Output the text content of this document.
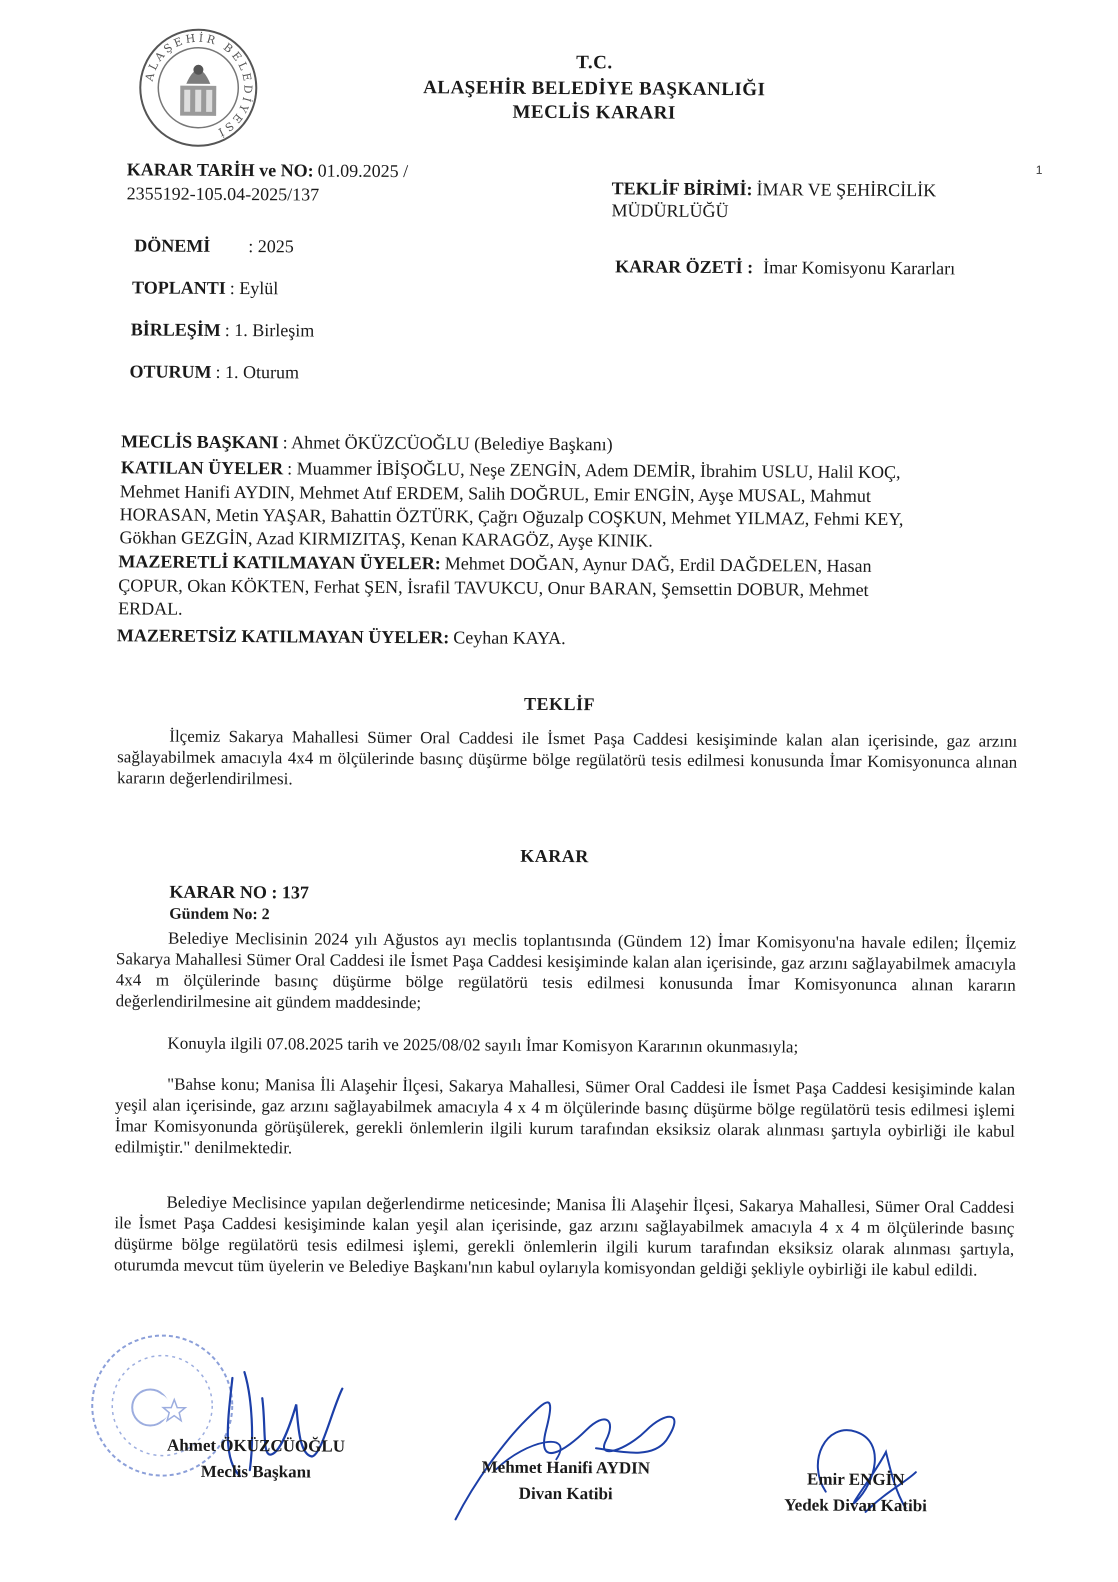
ALAŞEHİR BELEDİYESİ
T.C.
ALAŞEHİR BELEDİYE BAŞKANLIĞI
MECLİS KARARI
1
KARAR TARİH ve NO: 01.09.2025 /
2355192-105.04-2025/137
DÖNEMİ : 2025
TOPLANTI : Eylül
BİRLEŞİM : 1. Birleşim
OTURUM : 1. Oturum
TEKLİF BİRİMİ: İMAR VE ŞEHİRCİLİK
MÜDÜRLÜĞÜ
KARAR ÖZETİ : İmar Komisyonu Kararları
MECLİS BAŞKANI : Ahmet ÖKÜZCÜOĞLU (Belediye Başkanı)
KATILAN ÜYELER : Muammer İBİŞOĞLU, Neşe ZENGİN, Adem DEMİR, İbrahim USLU, Halil KOÇ,
Mehmet Hanifi AYDIN, Mehmet Atıf ERDEM, Salih DOĞRUL, Emir ENGİN, Ayşe MUSAL, Mahmut
HORASAN, Metin YAŞAR, Bahattin ÖZTÜRK, Çağrı Oğuzalp COŞKUN, Mehmet YILMAZ, Fehmi KEY,
Gökhan GEZGİN, Azad KIRMIZITAŞ, Kenan KARAGÖZ, Ayşe KINIK.
MAZERETLİ KATILMAYAN ÜYELER: Mehmet DOĞAN, Aynur DAĞ, Erdil DAĞDELEN, Hasan
ÇOPUR, Okan KÖKTEN, Ferhat ŞEN, İsrafil TAVUKCU, Onur BARAN, Şemsettin DOBUR, Mehmet
ERDAL.
MAZERETSİZ KATILMAYAN ÜYELER: Ceyhan KAYA.
TEKLİF
İlçemiz Sakarya Mahallesi Sümer Oral Caddesi ile İsmet Paşa Caddesi kesişiminde kalan alan içerisinde, gaz arzını sağlayabilmek amacıyla 4x4 m ölçülerinde basınç düşürme bölge regülatörü tesis edilmesi konusunda İmar Komisyonunca alınan kararın değerlendirilmesi.
KARAR
KARAR NO : 137
Gündem No: 2
Belediye Meclisinin 2024 yılı Ağustos ayı meclis toplantısında (Gündem 12) İmar Komisyonu'na havale edilen; İlçemiz Sakarya Mahallesi Sümer Oral Caddesi ile İsmet Paşa Caddesi kesişiminde kalan alan içerisinde, gaz arzını sağlayabilmek amacıyla 4x4 m ölçülerinde basınç düşürme bölge regülatörü tesis edilmesi konusunda İmar Komisyonunca alınan kararın değerlendirilmesine ait gündem maddesinde;
Konuyla ilgili 07.08.2025 tarih ve 2025/08/02 sayılı İmar Komisyon Kararının okunmasıyla;
"Bahse konu; Manisa İli Alaşehir İlçesi, Sakarya Mahallesi, Sümer Oral Caddesi ile İsmet Paşa Caddesi kesişiminde kalan yeşil alan içerisinde, gaz arzını sağlayabilmek amacıyla 4 x 4 m ölçülerinde basınç düşürme bölge regülatörü tesis edilmesi işlemi İmar Komisyonunda görüşülerek, gerekli önlemlerin ilgili kurum tarafından eksiksiz olarak alınması şartıyla oybirliği ile kabul edilmiştir." denilmektedir.
Belediye Meclisince yapılan değerlendirme neticesinde; Manisa İli Alaşehir İlçesi, Sakarya Mahallesi, Sümer Oral Caddesi ile İsmet Paşa Caddesi kesişiminde kalan yeşil alan içerisinde, gaz arzını sağlayabilmek amacıyla 4 x 4 m ölçülerinde basınç düşürme bölge regülatörü tesis edilmesi işlemi, gerekli önlemlerin ilgili kurum tarafından eksiksiz olarak alınması şartıyla, oturumda mevcut tüm üyelerin ve Belediye Başkanı'nın kabul oylarıyla komisyondan geldiği şekliyle oybirliği ile kabul edildi.
Ahmet ÖKÜZCÜOĞLU
Meclis Başkanı	Mehmet Hanifi AYDIN
Divan Katibi
Emir ENGİN
Yedek Divan Katibi
